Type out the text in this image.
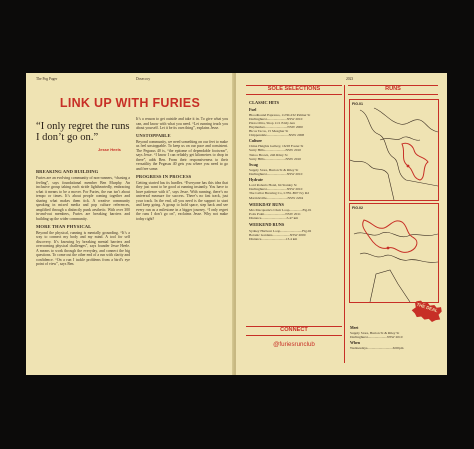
The Pog Pager	Dosecocy
LINK UP WITH FURIES
“I only regret the runs I don’t go on.”
Jesse Heels
BREAKING AND BUILDING

Furies are an evolving community of non-runners, “chasing a feeling”, says foundational member Ben Murphy. An inclusive group taking each stride lightheartedly, embracing what it means to be a mover. For Furies, the run isn’t about tempo or times. It’s about people coming together and sharing what makes them tick. A creative community speaking in mixed media and pop culture references, amplified through a distinctly punk aesthetic. With over 300 in-and-out members, Furies are breaking barriers and building up the wider community.

MORE THAN PHYSICAL

Beyond the physical, running is mentally grounding. “It’s a way to connect my body and my mind. A tool for self discovery. It’s knowing by breaking mental barriers and overcoming physical challenges”, says founder Jesse Heele. A means to work through the everyday, and connect the big questions. To come out the other end of a run with clarity and confidence. “On a run I tackle problems from a bird’s eye point of view”, says Ben.

It’s a reason to get outside and take it in. To give what you can, and know with what you need. “Let running teach you about yourself. Let it be its own thing”, explains Jesse.

UNSTOPPABLE

Beyond community, we need something on our feet to make us feel unstoppable. To keep us on our pace and consistent. The Pegasus 40 is, “the epitome of dependable footwear”, says Jesse. “I know I can reliably get kilometres to drop in there”, adds Ben. From their responsiveness to their versatility the Pegasus 40 gets you where you need to go and free some.

PROGRESS IN PROCESS

Getting started has its hurdles. “Everyone has this idea that they just want to be good at running instantly. You have to have patience with it”, says Jesse. With running, there’s no universal measure for success. There’s no fast track, just your track. In the end, all you need is the support to start and keep going. A group to hold space, step back and see every run as a milestone in a bigger journey. “I only regret the runs I don’t go on”, exclaims Jesse. Why not make today right?

2023
SOLE SELECTIONS	RUNS
CLASSIC HITS
Fuel
Bloodhound Espresso, 1/230-232 Palmer St
Darlinghurst.......................NSW 2010
Pizza Oltra, Shop 11/1 Eddy Ave
Haymarket..........................NSW 2000
Bicos Tacos, 15 Meagher St
Chippendale.........................NSW 2008
Culture
China Heights Gallery, 16/28 Foster St
Surry Hills........................NSW 2010
Tattoo Brown, 246 Riley St
Surry Hills........................NSW 2010
Swag
Supply Store, Burton St & Riley St
Darlinghurst.......................NSW 2010
Hydrate
Lord Roberts Hotel, 64 Stanley St
Darlinghurst.......................NSW 2010
The Cellar Brewing Co, L7B1-B07 Ivy Rd
Marrickville........................NSW 2204
WEEKDAY RUNS
Mrs Macquarie's Chair Loop...............Fig.01
Potts Point........................NSW 2011
Distance.............................5.47 km
WEEKEND RUNS
Sydney Harbour Loop.........................Fig.02
Botanic Gardens....................NSW 2000
Distance............................13.4 km
CONNECT
@furiesrunclub
FIG.01
FIG.02
THE DEAL
Meet
Supply Store, Burton St & Riley St
Darlinghurst......................NSW 2010
When
Wednesdays.............................6:00pm
